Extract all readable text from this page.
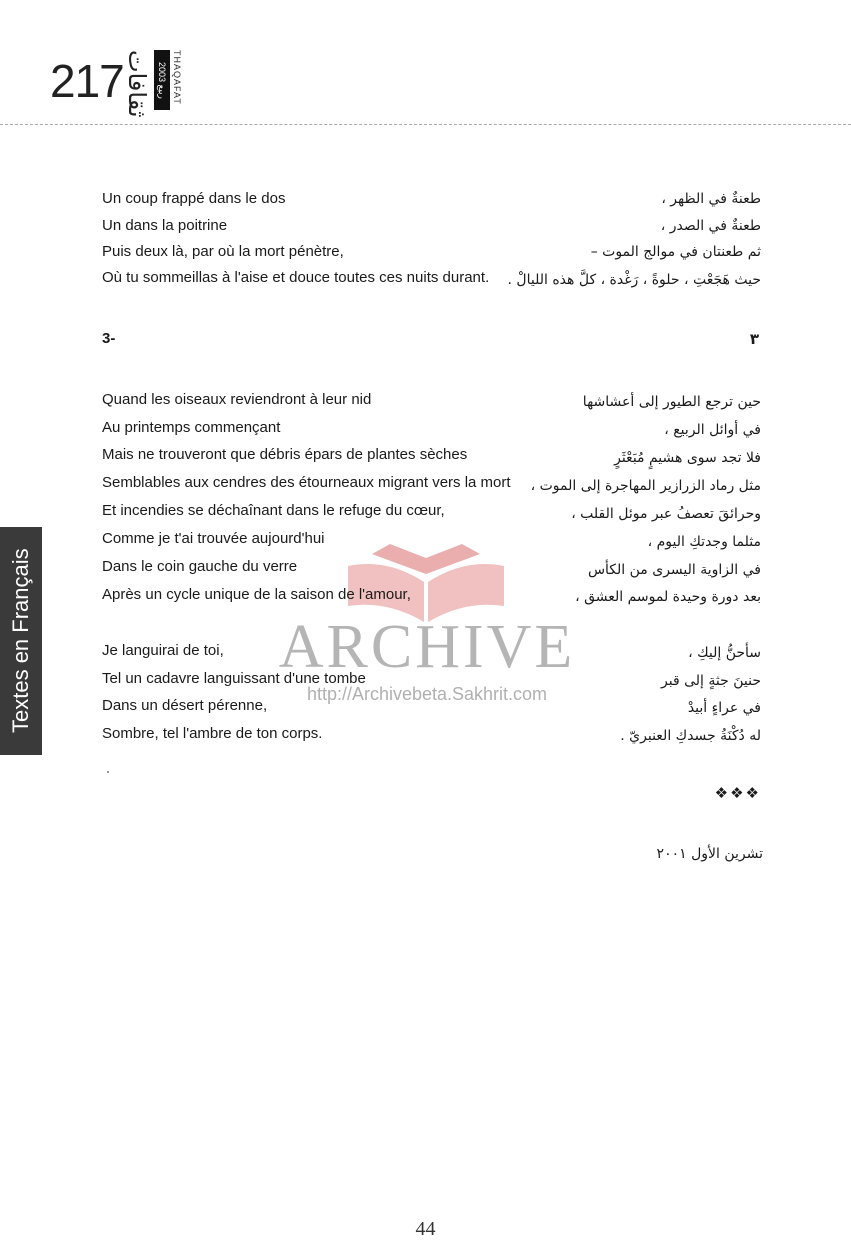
217 ثقافات ربيع 2003 THAQAFAT
Un coup frappé dans le dos
Un dans la poitrine
Puis deux là, par où la mort pénètre,
Où tu sommeillas à l'aise et douce toutes ces nuits durant.
طعنةٌ في الظهر ،
طعنةٌ في الصدر ،
ثم طعنتان في موالج الموت –
حيث هَجَعْتِ ، حلوةً ، رَغْدة ، كلَّ هذه الليالْ .
3-	٣
Textes en Français	ARCHIVE
http://Archivebeta.Sakhrit.com
Quand les oiseaux reviendront à leur nid
Au printemps commençant
Mais ne trouveront que débris épars de plantes sèches
Semblables aux cendres des étourneaux migrant vers la mort
Et incendies se déchaînant dans le refuge du cœur,
Comme je t'ai trouvée aujourd'hui
Dans le coin gauche du verre
Après un cycle unique de la saison de l'amour,
حين ترجع الطيور إلى أعشاشها
في أوائل الربيع ،
فلا تجد سوى هشيمٍ مُبَعْثَرٍ
مثل رماد الزرازير المهاجرة إلى الموت ،
وحرائقَ تعصفُ عبر موئل القلب ،
مثلما وجدتكِ اليوم ،
في الزاوية اليسرى من الكأس
بعد دورة وحيدة لموسم العشق ،
Je languirai de toi,
Tel un cadavre languissant d'une tombe
Dans un désert pérenne,
Sombre, tel l'ambre de ton corps.
سأحنُّ إليكِ ،
حنينَ جثةٍ إلى قبر
في عراءٍ أبيدْ
له دُكْنَةُ جسدكِ العنبريّ .
❖❖❖
تشرين الأول ٢٠٠١
44
